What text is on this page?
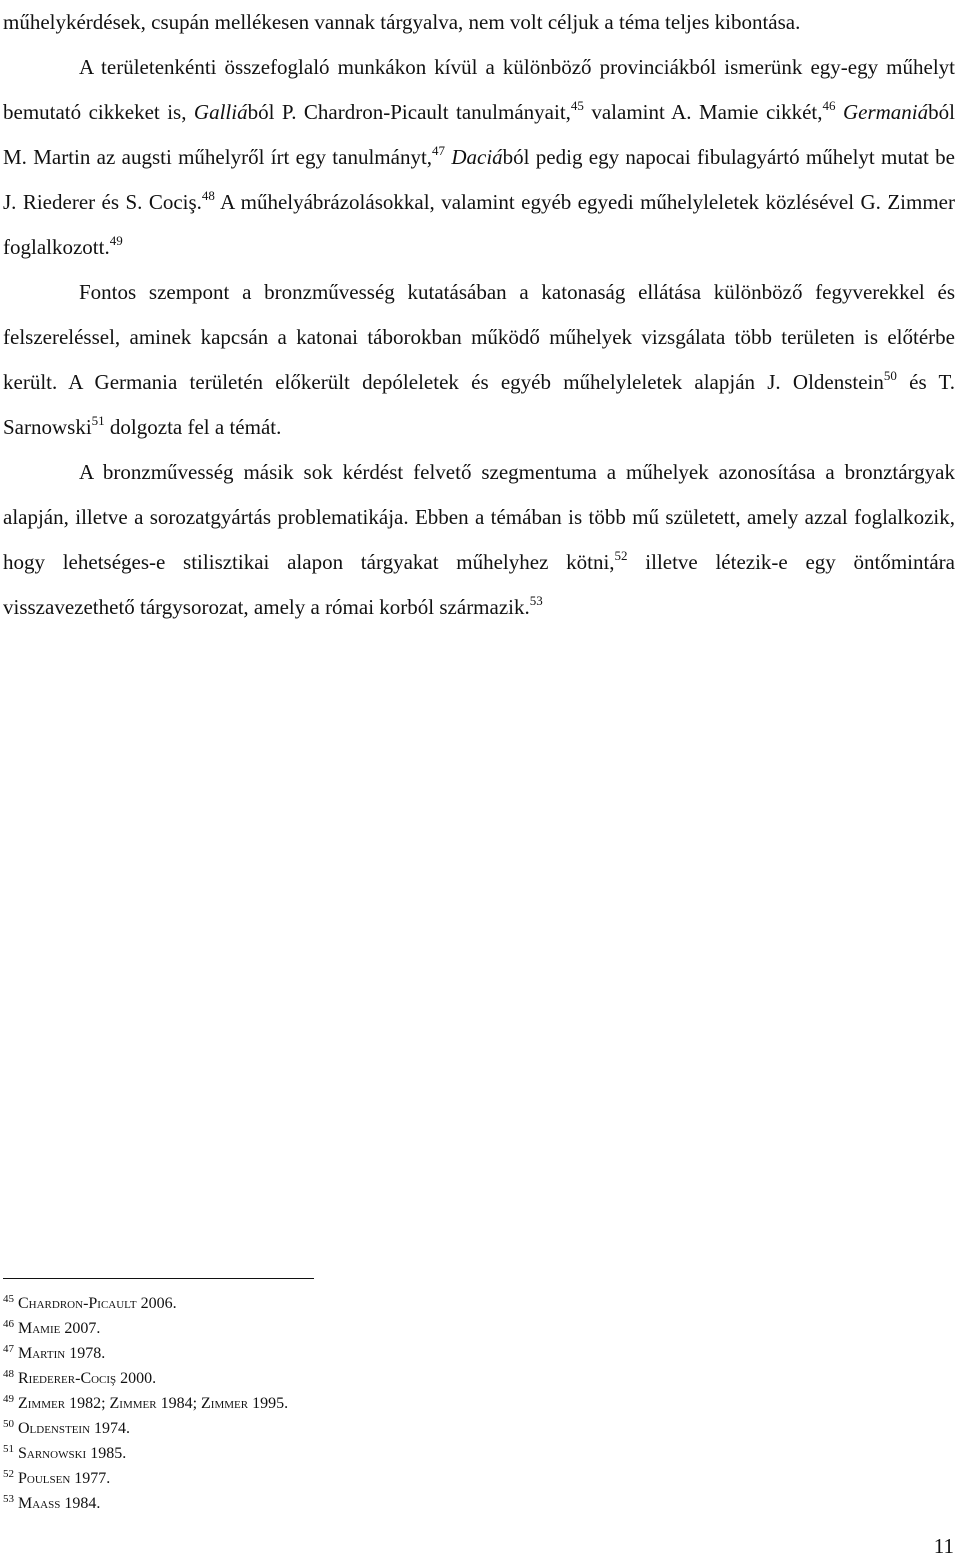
műhelykérdések, csupán mellékesen vannak tárgyalva, nem volt céljuk a téma teljes kibontása.

A területenkénti összefoglaló munkákon kívül a különböző provinciákból ismerünk egy-egy műhelyt bemutató cikkeket is, Galliából P. Chardron-Picault tanulmányait,$^{45}$ valamint A. Mamie cikkét,$^{46}$ Germaniából M. Martin az augsti műhelyről írt egy tanulmányt,$^{47}$ Daciából pedig egy napocai fibulagyártó műhelyt mutat be J. Riederer és S. Cociş.$^{48}$ A műhelyábrázolásokkal, valamint egyéb egyedi műhelyleletek közlésével G. Zimmer foglalkozott.$^{49}$

Fontos szempont a bronzművesség kutatásában a katonaság ellátása különböző fegyverekkel és felszereléssel, aminek kapcsán a katonai táborokban működő műhelyek vizsgálata több területen is előtérbe került. A Germania területén előkerült depóleletek és egyéb műhelyleletek alapján J. Oldenstein$^{50}$ és T. Sarnowski$^{51}$ dolgozta fel a témát.

A bronzművesség másik sok kérdést felvető szegmentuma a műhelyek azonosítása a bronztárgyak alapján, illetve a sorozatgyártás problematikája. Ebben a témában is több mű született, amely azzal foglalkozik, hogy lehetséges-e stilisztikai alapon tárgyakat műhelyhez kötni,$^{52}$ illetve létezik-e egy öntőmintára visszavezethető tárgysorozat, amely a római korból származik.$^{53}$

$^{45}$ Chardron-Picault 2006.
$^{46}$ Mamie 2007.
$^{47}$ Martin 1978.
$^{48}$ Riederer-Cociş 2000.
$^{49}$ Zimmer 1982; Zimmer 1984; Zimmer 1995.
$^{50}$ Oldenstein 1974.
$^{51}$ Sarnowski 1985.
$^{52}$ Poulsen 1977.
$^{53}$ Maass 1984.
11
